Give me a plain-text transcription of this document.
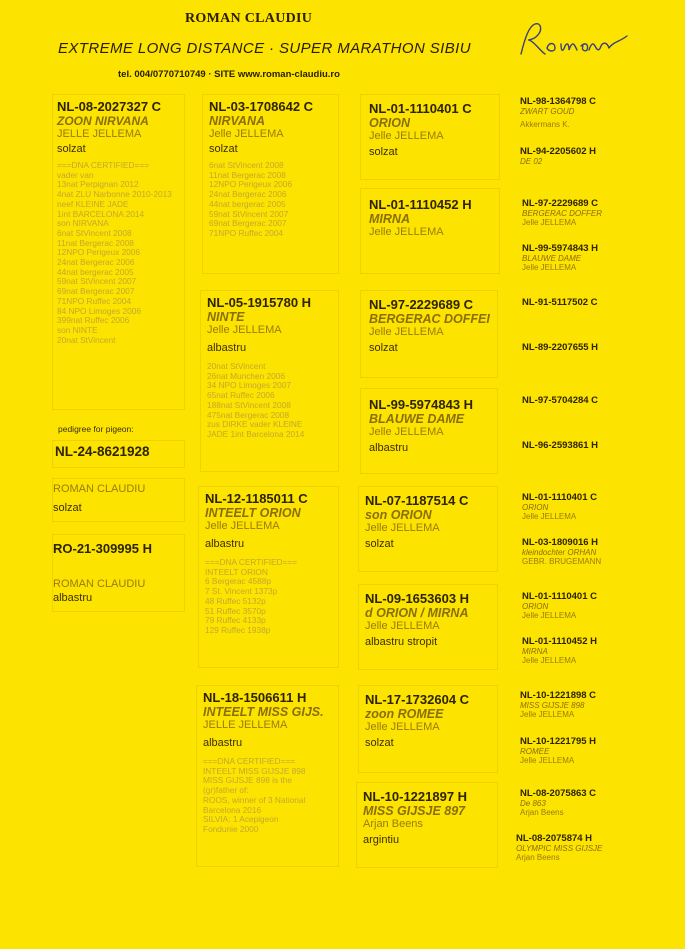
ROMAN CLAUDIU
EXTREME LONG DISTANCE · SUPER MARATHON SIBIU
tel. 004/0770710749 · SITE www.roman-claudiu.ro
NL-08-2027327 C
ZOON NIRVANA
JELLE JELLEMA
solzat
===DNA CERTIFIED===
vader van
13nat Perpignan 2012
4nat ZLU Narbonne 2010-2013
neef KLEINE JADE
1int BARCELONA 2014
son NIRVANA
6nat StVincent 2008
11nat Bergerac 2008
12NPO Perigeux 2006
24nat Bergerac 2006
44nat bergerac 2005
59nat StVincent 2007
69nat Bergerac 2007
71NPO Ruffec 2004
84 NPO Limoges 2006
399nat Ruffec 2006
son NINTE
20nat StVincent
pedigree for pigeon:
NL-24-8621928
ROMAN CLAUDIU
solzat
RO-21-309995 H
ROMAN CLAUDIU
albastru
NL-03-1708642 C
NIRVANA
Jelle JELLEMA
solzat
6nat StVincent 2008
11nat Bergerac 2008
12NPO Perigeux 2006
24nat Bergerac 2006
44nat bergerac 2005
59nat StVincent 2007
69nat Bergerac 2007
71NPO Ruffec 2004
NL-05-1915780 H
NINTE
Jelle JELLEMA
albastru
20nat StVincent
26nat Munchen 2006
34 NPO Limoges 2007
65nat Ruffec 2006
188nat StVincent 2008
475nat Bergerac 2008
zus DIRKE vader KLEINE
JADE 1int Barcelona 2014
NL-12-1185011 C
INTEELT ORION
Jelle JELLEMA
albastru
===DNA CERTIFIED===
INTEELT ORION
6 Bergerac 4588p
7 St. Vincent 1373p
48 Ruffec 5132p
51 Ruffec 3570p
79 Ruffec 4133p
129 Ruffec 1938p
NL-18-1506611 H
INTEELT MISS GIJS.
JELLE JELLEMA
albastru
===DNA CERTIFIED===
INTEELT MISS GIJSJE 898
MISS GIJSJE 898 is the
(gr)father of:
ROOS, winner of 3 National
Barcelona 2016
SILVIA: 1 Acepigeon
Fondunie 2000
NL-01-1110401 C
ORION
Jelle JELLEMA
solzat
NL-01-1110452 H
MIRNA
Jelle JELLEMA
NL-97-2229689 C
BERGERAC DOFFEI
Jelle JELLEMA
solzat
NL-99-5974843 H
BLAUWE DAME
Jelle JELLEMA
albastru
NL-07-1187514 C
son ORION
Jelle JELLEMA
solzat
NL-09-1653603 H
d ORION / MIRNA
Jelle JELLEMA
albastru stropit
NL-17-1732604 C
zoon ROMEE
Jelle JELLEMA
solzat
NL-10-1221897 H
MISS GIJSJE 897
Arjan Beens
argintiu
NL-98-1364798 C
ZWART GOUD
Akkermans K.
NL-94-2205602 H
DE 02
NL-97-2229689 C
BERGERAC DOFFER
Jelle JELLEMA
NL-99-5974843 H
BLAUWE DAME
Jelle JELLEMA
NL-91-5117502 C
NL-89-2207655 H
NL-97-5704284 C
NL-96-2593861 H
NL-01-1110401 C
ORION
Jelle JELLEMA
NL-03-1809016 H
kleindochter ORHAN
GEBR. BRUGEMANN
NL-01-1110401 C
ORION
Jelle JELLEMA
NL-01-1110452 H
MIRNA
Jelle JELLEMA
NL-10-1221898 C
MISS GIJSJE 898
Jelle JELLEMA
NL-10-1221795 H
ROMEE
Jelle JELLEMA
NL-08-2075863 C
De 863
Arjan Beens
NL-08-2075874 H
OLYMPIC MISS GIJSJE
Arjan Beens
